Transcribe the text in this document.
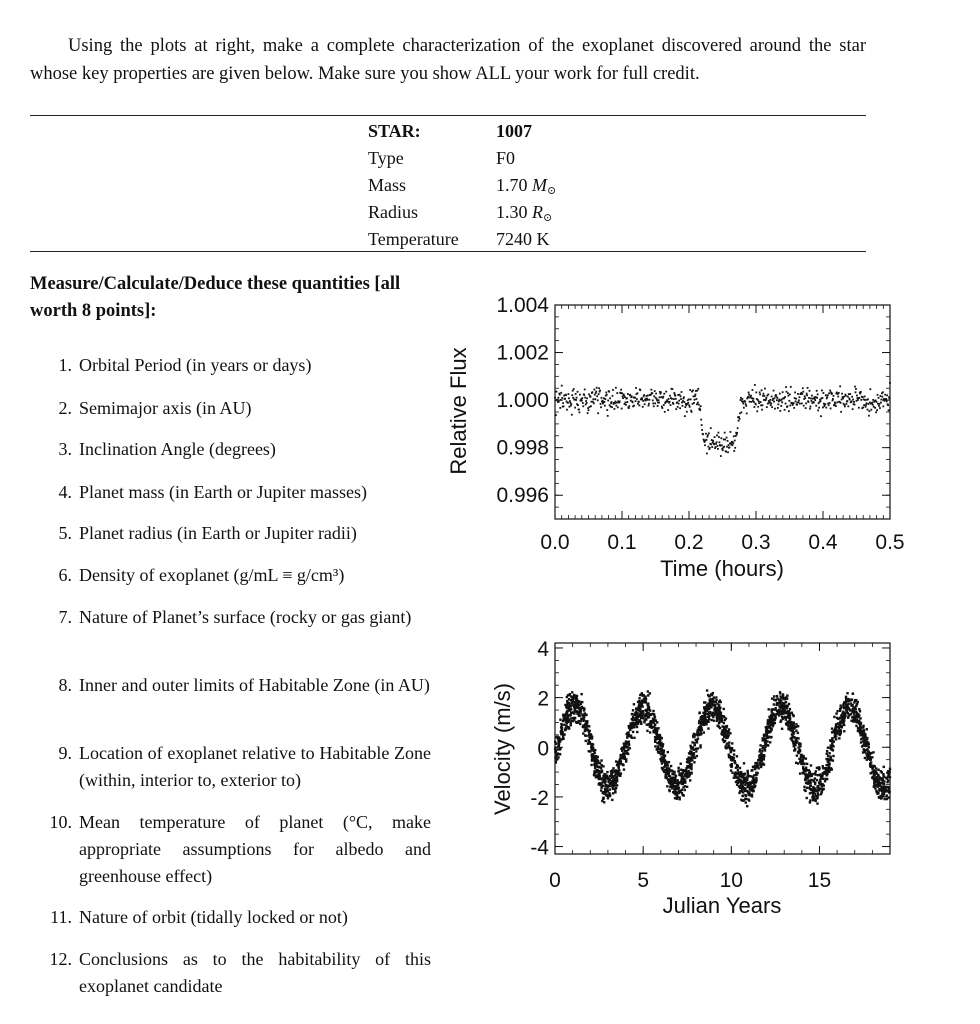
Using the plots at right, make a complete characterization of the exoplanet discovered around the star whose key properties are given below. Make sure you show ALL your work for full credit.
STAR:	1007
Type	F0
Mass	1.70 M⊙
Radius	1.30 R⊙
Temperature	7240 K
Measure/Calculate/Deduce these quantities [all worth 8 points]:
1. Orbital Period (in years or days)
2. Semimajor axis (in AU)
3. Inclination Angle (degrees)
4. Planet mass (in Earth or Jupiter masses)
5. Planet radius (in Earth or Jupiter radii)
6. Density of exoplanet (g/mL ≡ g/cm³)
7. Nature of Planet’s surface (rocky or gas giant)
8. Inner and outer limits of Habitable Zone (in AU)
9. Location of exoplanet relative to Habitable Zone (within, interior to, exterior to)
10. Mean temperature of planet (°C, make appropriate assumptions for albedo and greenhouse effect)
11. Nature of orbit (tidally locked or not)
12. Conclusions as to the habitability of this exoplanet candidate
1.004
1.002
1.000
0.998
0.996
0.0 0.1 0.2 0.3 0.4 0.5
Time (hours)
Relative Flux
4
2
0
-2
-4
0	5	10	15
Julian Years
Velocity (m/s)
